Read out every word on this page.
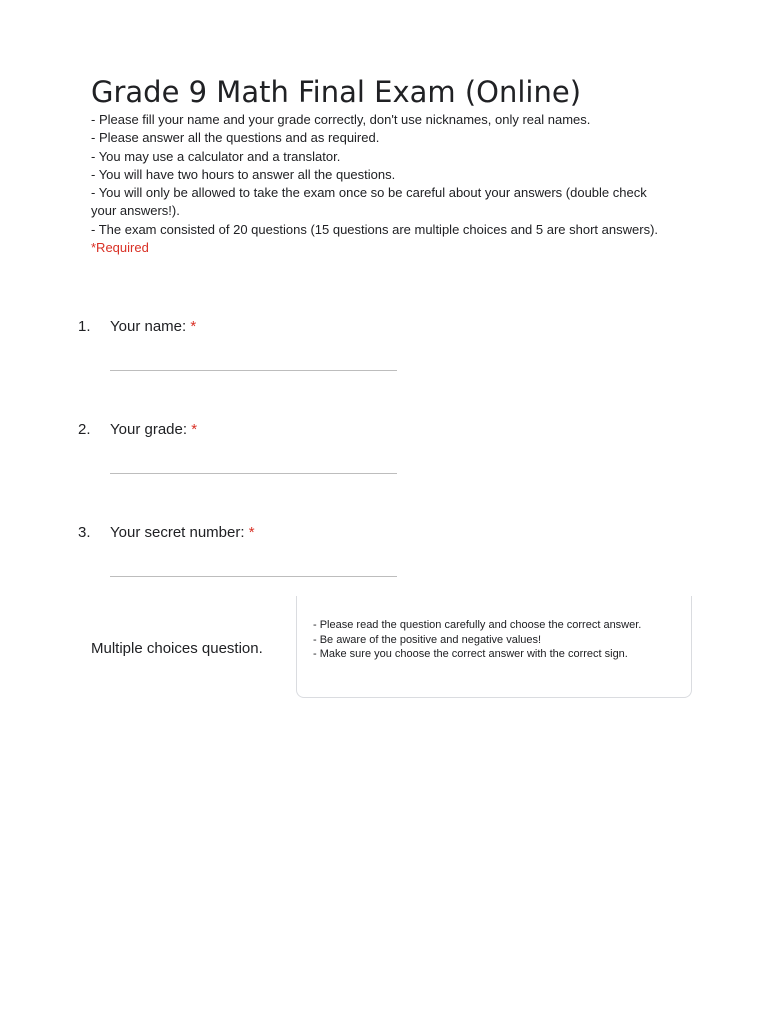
Grade 9 Math Final Exam (Online)
- Please fill your name and your grade correctly, don't use nicknames, only real names.
- Please answer all the questions and as required.
- You may use a calculator and a translator.
- You will have two hours to answer all the questions.
- You will only be allowed to take the exam once so be careful about your answers (double check your answers!).
- The exam consisted of 20 questions (15 questions are multiple choices and 5 are short answers).
*Required
1. Your name: *
2. Your grade: *
3. Your secret number: *
Multiple choices question.
- Please read the question carefully and choose the correct answer.
- Be aware of the positive and negative values!
- Make sure you choose the correct answer with the correct sign.
